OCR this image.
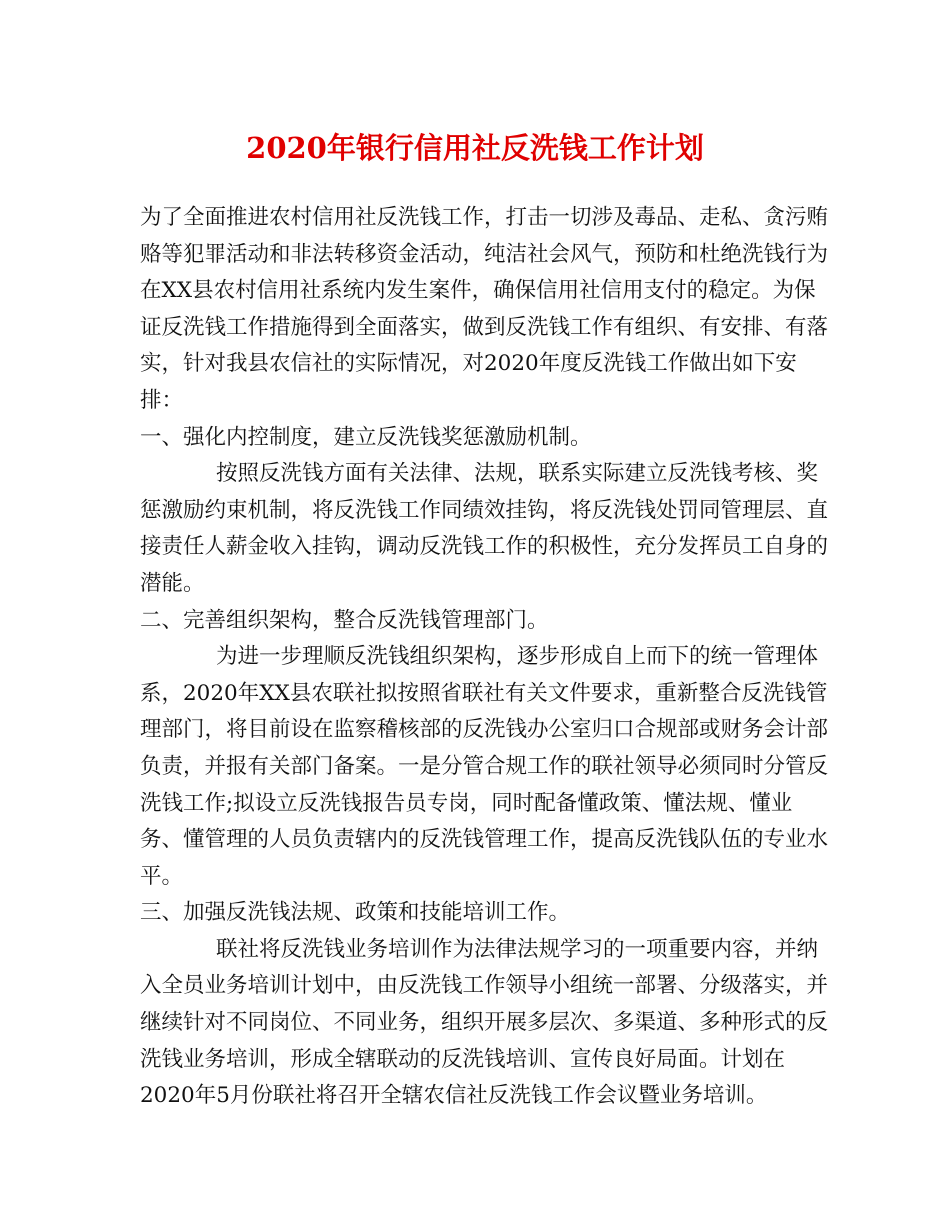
2020年银行信用社反洗钱工作计划

为了全面推进农村信用社反洗钱工作，打击一切涉及毒品、走私、贪污贿赂等犯罪活动和非法转移资金活动，纯洁社会风气，预防和杜绝洗钱行为在XX县农村信用社系统内发生案件，确保信用社信用支付的稳定。为保证反洗钱工作措施得到全面落实，做到反洗钱工作有组织、有安排、有落实，针对我县农信社的实际情况，对2020年度反洗钱工作做出如下安排：

一、强化内控制度，建立反洗钱奖惩激励机制。

按照反洗钱方面有关法律、法规，联系实际建立反洗钱考核、奖惩激励约束机制，将反洗钱工作同绩效挂钩，将反洗钱处罚同管理层、直接责任人薪金收入挂钩，调动反洗钱工作的积极性，充分发挥员工自身的潜能。

二、完善组织架构，整合反洗钱管理部门。

为进一步理顺反洗钱组织架构，逐步形成自上而下的统一管理体系，2020年XX县农联社拟按照省联社有关文件要求，重新整合反洗钱管理部门，将目前设在监察稽核部的反洗钱办公室归口合规部或财务会计部负责，并报有关部门备案。一是分管合规工作的联社领导必须同时分管反洗钱工作;拟设立反洗钱报告员专岗，同时配备懂政策、懂法规、懂业务、懂管理的人员负责辖内的反洗钱管理工作，提高反洗钱队伍的专业水平。

三、加强反洗钱法规、政策和技能培训工作。

联社将反洗钱业务培训作为法律法规学习的一项重要内容，并纳入全员业务培训计划中，由反洗钱工作领导小组统一部署、分级落实，并继续针对不同岗位、不同业务，组织开展多层次、多渠道、多种形式的反洗钱业务培训，形成全辖联动的反洗钱培训、宣传良好局面。计划在2020年5月份联社将召开全辖农信社反洗钱工作会议暨业务培训。
